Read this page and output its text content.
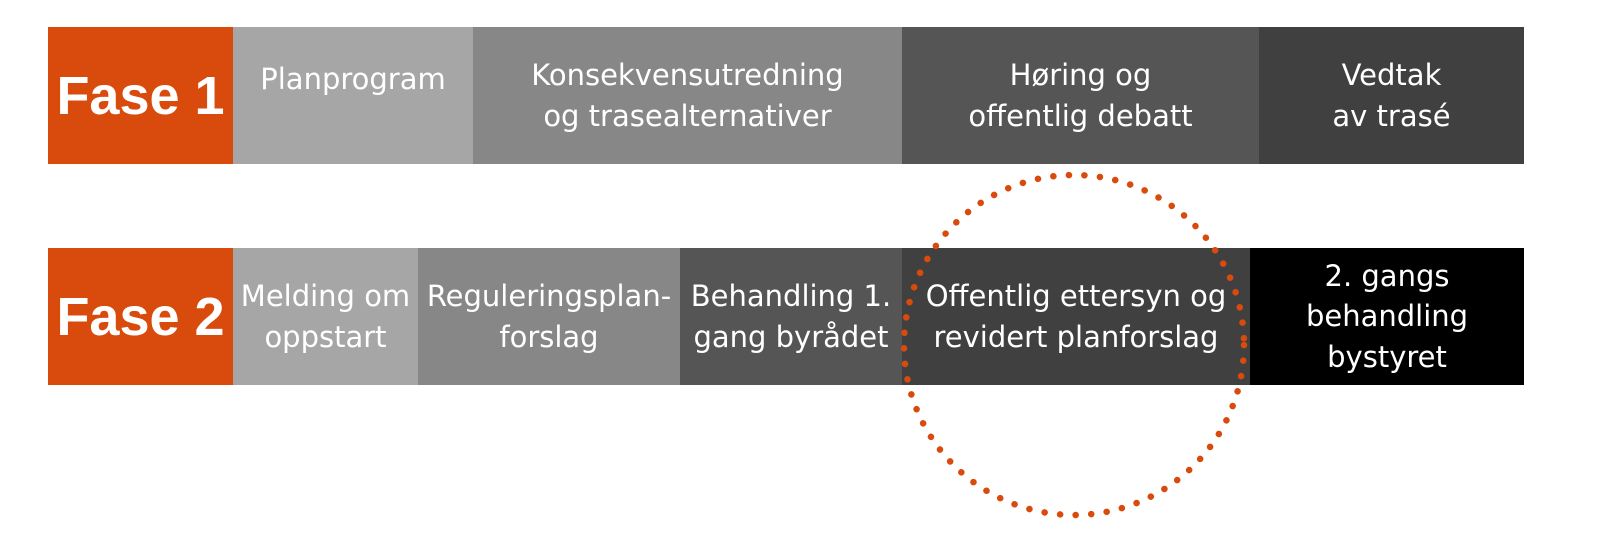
Fase 1 Planprogram	Konsekvensutredning
og trasealternativer
Høring og
offentlig debatt
Vedtak
av trasé
Fase 2 Melding om
oppstart
Reguleringsplan-
forslag
Behandling 1.
gang byrådet
Offentlig ettersyn og
revidert planforslag
2. gangs
behandling
bystyret
